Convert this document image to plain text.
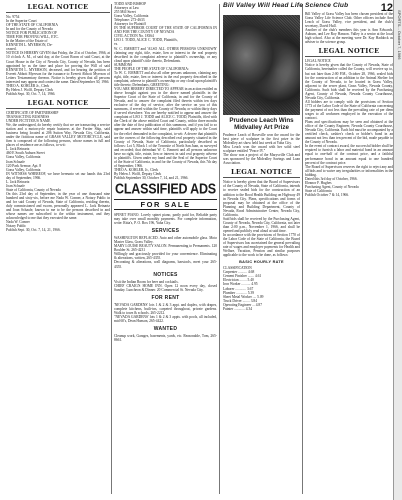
LEGAL NOTICE

No. 9754
In the Superior Court
OF THE STATE OF CALIFORNIA
In and for the County of Nevada
NOTICE FOR PUBLICATION OF
TIME FOR PROVING WILL, ETC.
In the Matter of the Estate of
KENNETH L. MYERSON, De-
ceased.
NOTICE IS HEREBY GIVEN that Friday, the 21st of October, 1966, at 10 o'clock A. M., of said day, at the Court Room of said Court, at the Court House in the City of Nevada City, County of Nevada, has been appointed by as the time and place for proving the Will of said KENNETH L. MYERSON, deceased, and for hearing the petition of Everett Abbott Myerson for the issuance to Everett Abbott Myerson of Letters Testamentary thereon. Notice is hereby given that all persons interested may appear and contest the same. Dated September 30, 1966.
THEO A. KOHLER Jr., Clerk
By Helen J. Wolff, Deputy Clerk
Publish Sept. 30, Oct. 7, 14, 1966.

LEGAL NOTICE

CERTIFICATE OF PARTNERSHIP
TRANSACTING BUSINESS
UNDER FICTITIOUS NAME
We, the undersigned, do hereby certify that we are transacting a service station and a motorcycle repair business at the Fortier Ship, said business being located at 206 Sutton Way, Nevada City, California, under the fictitious name of GRASS VALLEY MOTORCYCLE, said firm is composed of the following persons, whose names in full and places of residence are as follows, to-wit:
L. Jack Reinartz
460 E South Auburn Street
Grass Valley, California
Joan Schaafe
120 Park Avenue, Apt. 8
Grass Valley, California
IN WITNESS WHEREOF, we have hereunto set our hands this 23rd day of September, 1966.
L. Jack Reinartz
Joan Schaafe
State of California, County of Nevada
On this 23rd day of September, in the year of one thousand nine hundred and sixty-six, before me Nada W. Conner, a Notary Public in and for said County of Nevada, State of California, residing therein, duly commissioned and sworn, personally appeared L. Jack Reinartz and Joan Schaafe, known to me to be the persons described in and whose names are subscribed to the within instrument, and they acknowledged to me that they executed the same.
Nada W. Conner
Notary Public
Publish Sept. 30, Oct. 7, 14, 21, 1966.

TODD AND BISHOP
Attorneys at Law
255 Mill Street
Grass Valley, California
Telephone: 273-4633
Attorneys for Plaintiff
IN THE SUPERIOR COURT OF THE STATE OF CALIFORNIA IN AND FOR THE COUNTY OF NEVADA
CIVIL ACTION No. 18364
LEO J. TODD, ALICE C. TODD, Plaintiffs,
vs.
W. C. EMMETT and 'ALSO ALL OTHER PERSONS UNKNOWN' claiming any right, title, estate, lien or interest in the real property described in the complaint adverse to plaintiff's ownership, or any cloud upon plaintiff's title thereto, Defendants.
SUMMONS
THE PEOPLE OF THE STATE OF CALIFORNIA:
To W. C. EMMETT and also all other persons unknown, claiming any right, title, estate, lien or interest in the real property described in the complaint, adverse to plaintiff's ownership or any cloud upon plaintiff's title thereto; Defendants, GREETING:
YOU ARE HEREBY DIRECTED TO APPEAR in an action entitled as above brought against you in the above named plaintiffs in the Superior Court of the State of California, in and for the County of Nevada, and to answer the complaint filed therein within ten days exclusive of the day of service, after the service on you of this summons, if served within the County of Nevada; or within thirty days if served elsewhere. You are hereby notified to appear and answer the complaint of LEO J. TODD and ALICE C. TODD, Plaintiffs, filed with the Clerk of the above entitled Court and County, within three months after the date of first publication of this summons, and if you fail to so appear and answer within said time, plaintiffs will apply to the Court for the relief demanded in the complaint, to-wit: A decree that plaintiffs are the owners of the following described real property situated in the County of Nevada, State of California, particularly described as follows: Lot 5, Block 1 of the Townsite of North San Juan, as surveyed and recorded; that defendant W. C. Emmett and all persons unknown have no right, title, estate, lien or interest in said real property adverse to plaintiffs. Given under my hand and the Seal of the Superior Court of the State of California, in and for the County of Nevada, this 7th day of September, 1966.
THEO A. KOHLER, Jr., Clerk
By Helen J. Wolff, Deputy Clerk
Publish September 30, October 7, 14, and 21, 1966.

CLASSIFIED ADS
FOR SALE

SPINET PIANO. Lovely spinet piano, partly paid for, Reliable party may take over small monthly payments. For complete information, write: Ritta's, P. O. Box 196, Yuba City.

SERVICES

WASHINGTON REPLACED. Auto and other automobile glass. Moto Master Glass, Grass Valley.
MARY LOUISE BEAUTY SALON. Permanenting to Permanents. 120 Boulder St. 265-4231
Willingly and graciously provided for your convenience. Eliminating & alterations, written, 265-4355.
Decorating & alterations, wall diagrams, barstools, meet your 265-4355.

NOTICES

Visit the Indian Room for beer and cocktails.
CHIEF CRAIG'S HOME INN. Open 12 noon every day, closed Sunday. Luncheon & Dinner. 20 Commercial St. Nevada City.

FOR RENT

'NEVADA GARDENS' lots 1 & 2 & 3 appt. and duplex, with drapes, complete kitchens, built-ins, carpeted throughout, private gardens. Walk to town & schools. 265-2212.
"NEVADA GARDENS' lots 1 & 2 & 3 appts. with pools, all included, mid 60's, Dean Hanson, 265-4422.

WANTED

Cleanup work, Garages, basements, yards, etc. Reasonable, Tom, 265-8661.

Bill Valley Will Head Life Science Club	12
Prudence Leach Wins Midvalley Art Prize

Prudence Leach of Roseville won the award for the best piece of sculpture in the first prize in the Midvalley art show held last week at Yuba City.
Miss Leach won the award with her solid steel sculpture entitled "Peace IV."
The show was a project of the Marysville Club and was sponsored by the Midvalley Savings and Loan Association.

LEGAL NOTICE

Notice is hereby given that the Board of Supervisors of the County of Nevada, State of California, intends to receive sealed bids for the construction of an addition to the Rood Health Building on Highway 49 in Nevada City. Plans, specifications and forms of proposal may be obtained at the office of the Planning and Building Department, County of Nevada, Rood Administrative Center, Nevada City, California.
Said bids shall be received by the Purchasing Agent, County of Nevada, Nevada City, California, not later than 2:00 p.m., November 1, 1966, and shall be opened and publicly read aloud at said time.
In accordance with the provisions of Section 1770 of the Labor Code of the State of California, the Board of Supervisors has ascertained the general prevailing rate of wages and employer payments for Health and Welfare, Vacation, Pension and similar purposes applicable to the work to be done, as follows:

BASIC HOURLY RATE

CLASSIFICATION
Carpenter .......... 4.68
Cement Finisher ....... 4.61
Electrician ........ 5.40
Iron Worker .......... 4.95
Laborer ............ 3.67
Plumber ............ 5.39
Sheet Metal Worker .... 5.09
Truck Driver ........ 3.84
Operating Engineer ... 4.87
Painter ............ 4.34

Bill Valley of Grass Valley has been chosen president of the Grass Valley Life Science Club. Other officers include Ann Leach of Grass Valley, vice president, and the club's secretary, David Hull.
Another of the club's members this year is Ann Edwards, Auburn, and Lee Roy Hanson. Valley is a senior at the local high school. Also at the meeting were Dr. Kay Haddock as adviser to the science group.

LEGAL NOTICE

LEGAL NOTICE
Notice is hereby given that the County of Nevada, State of California, hereinafter called the County, will receive up to, but not later than 2:00 P.M., October 28, 1966, sealed bids for the construction of an addition to the Animal Shelter for the County of Nevada, to be located in Grass Valley, adjacent to the sewer plant, Grass Valley, Nevada County, California. Such bids shall be received by the Purchasing Agent, County of Nevada, Nevada County Courthouse, Nevada City, California.
All bidders are to comply with the provisions of Section 1773 of the Labor Code of the State of California concerning the payment of not less than the prevailing rate of per diem wages to all workmen employed in the execution of the contract.
Plans and specifications may be seen and obtained at the office of the County Engineer, Nevada County Courthouse, Nevada City, California. Each bid must be accompanied by  certified check, cashier's check or bidder's bond in an amount not less than ten percent of the bid, made payable to the County of Nevada.
In the event of contract award, the successful bidder shall be required to furnish a labor and material bond in an amount equal to one-half of the contract price, and a faithful performance bond in an amount equal to one hundred percent of the contract price.
The Board of Supervisors reserves the right to reject any and all bids and to waive any irregularities or informalities in the bidding.
Dated this 3rd day of October, 1966.
Eleanor F. Hughes
Purchasing Agent, County of Nevada
State of California
Publish October 7 & 14, 1966.

SPORTS... October 7, 1966
